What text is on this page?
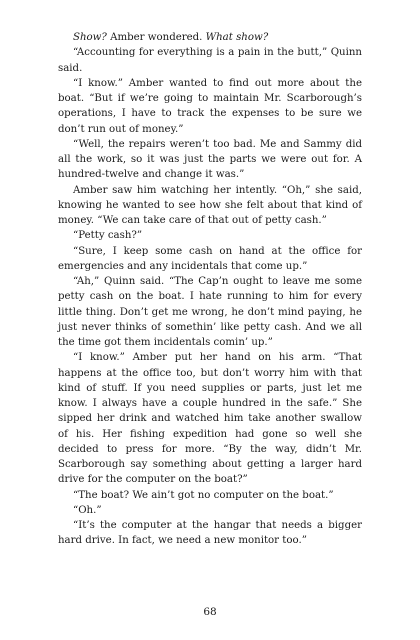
Show? Amber wondered. What show?

“Accounting for everything is a pain in the butt,” Quinn said.

“I know.” Amber wanted to find out more about the boat. “But if we’re going to maintain Mr. Scarborough’s operations, I have to track the expenses to be sure we don’t run out of money.”

“Well, the repairs weren’t too bad. Me and Sammy did all the work, so it was just the parts we were out for. A hundred-twelve and change it was.”

Amber saw him watching her intently. “Oh,” she said, knowing he wanted to see how she felt about that kind of money. “We can take care of that out of petty cash.”

“Petty cash?”

“Sure, I keep some cash on hand at the office for emergencies and any incidentals that come up.”

“Ah,” Quinn said. “The Cap’n ought to leave me some petty cash on the boat. I hate running to him for every little thing. Don’t get me wrong, he don’t mind paying, he just never thinks of somethin’ like petty cash. And we all the time got them incidentals comin’ up.”

“I know.” Amber put her hand on his arm. “That happens at the office too, but don’t worry him with that kind of stuff. If you need supplies or parts, just let me know. I always have a couple hundred in the safe.” She sipped her drink and watched him take another swallow of his. Her fishing expedition had gone so well she decided to press for more. “By the way, didn’t Mr. Scarborough say something about getting a larger hard drive for the computer on the boat?”

“The boat? We ain’t got no computer on the boat.”

“Oh.”

“It’s the computer at the hangar that needs a bigger hard drive. In fact, we need a new monitor too.”

68
